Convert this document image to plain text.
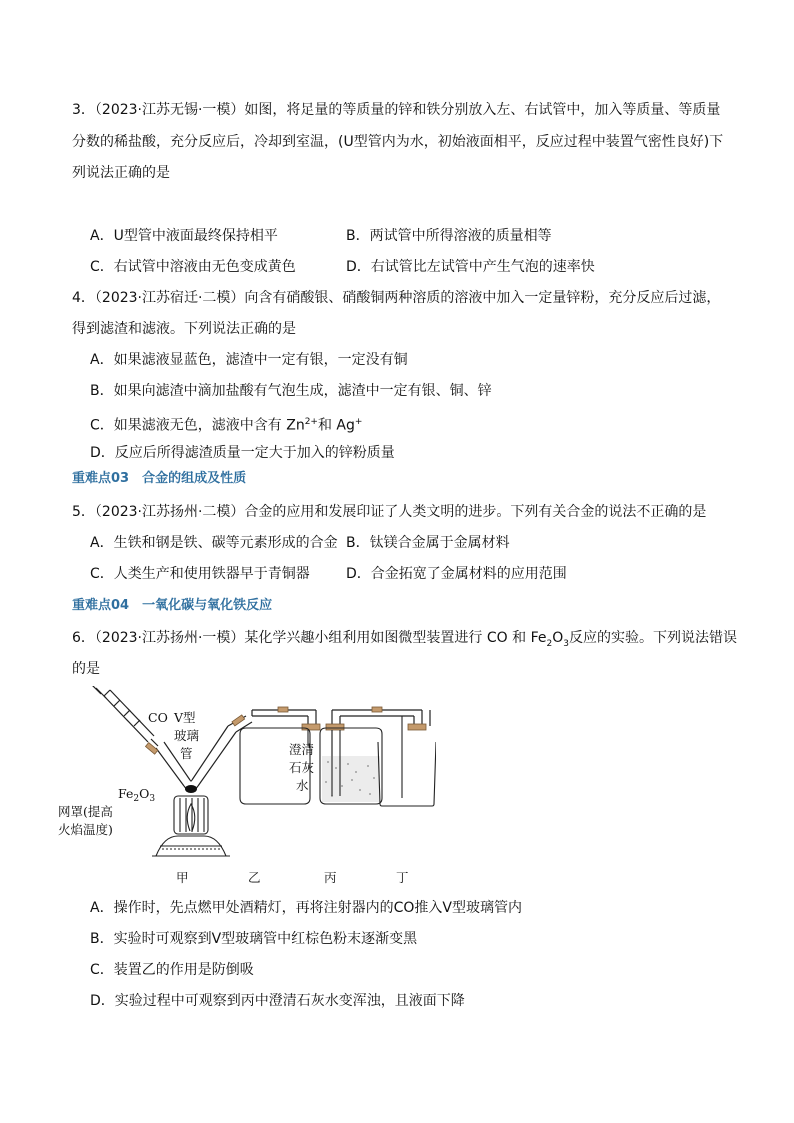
3．（2023·江苏无锡·一模）如图，将足量的等质量的锌和铁分别放入左、右试管中，加入等质量、等质量
分数的稀盐酸，充分反应后，冷却到室温，(U型管内为水，初始液面相平，反应过程中装置气密性良好)下
列说法正确的是
A．U型管中液面最终保持相平	B．两试管中所得溶液的质量相等
C．右试管中溶液由无色变成黄色	D．右试管比左试管中产生气泡的速率快
4．（2023·江苏宿迁·二模）向含有硝酸银、硝酸铜两种溶质的溶液中加入一定量锌粉，充分反应后过滤，
得到滤渣和滤液。下列说法正确的是
A．如果滤液显蓝色，滤渣中一定有银，一定没有铜
B．如果向滤渣中滴加盐酸有气泡生成，滤渣中一定有银、铜、锌
C．如果滤液无色，滤液中含有 $Zn^{2+}$和 Ag+
D．反应后所得滤渣质量一定大于加入的锌粉质量
重难点03　合金的组成及性质
5．（2023·江苏扬州·二模）合金的应用和发展印证了人类文明的进步。下列有关合金的说法不正确的是
A．生铁和钢是铁、碳等元素形成的合金 B．钛镁合金属于金属材料
C．人类生产和使用铁器早于青铜器	D．合金拓宽了金属材料的应用范围
重难点04　一氧化碳与氧化铁反应
6．（2023·江苏扬州·一模）某化学兴趣小组利用如图微型装置进行 CO 和 $Fe_2O_3$反应的实验。下列说法错误
的是
CO V型
玻璃
管
$Fe_2O_3$
网罩(提高
火焰温度)
澄清
石灰
水
甲	乙	丙	丁
A．操作时，先点燃甲处酒精灯，再将注射器内的CO推入V型玻璃管内
B．实验时可观察到V型玻璃管中红棕色粉末逐渐变黑
C．装置乙的作用是防倒吸
D．实验过程中可观察到丙中澄清石灰水变浑浊，且液面下降
